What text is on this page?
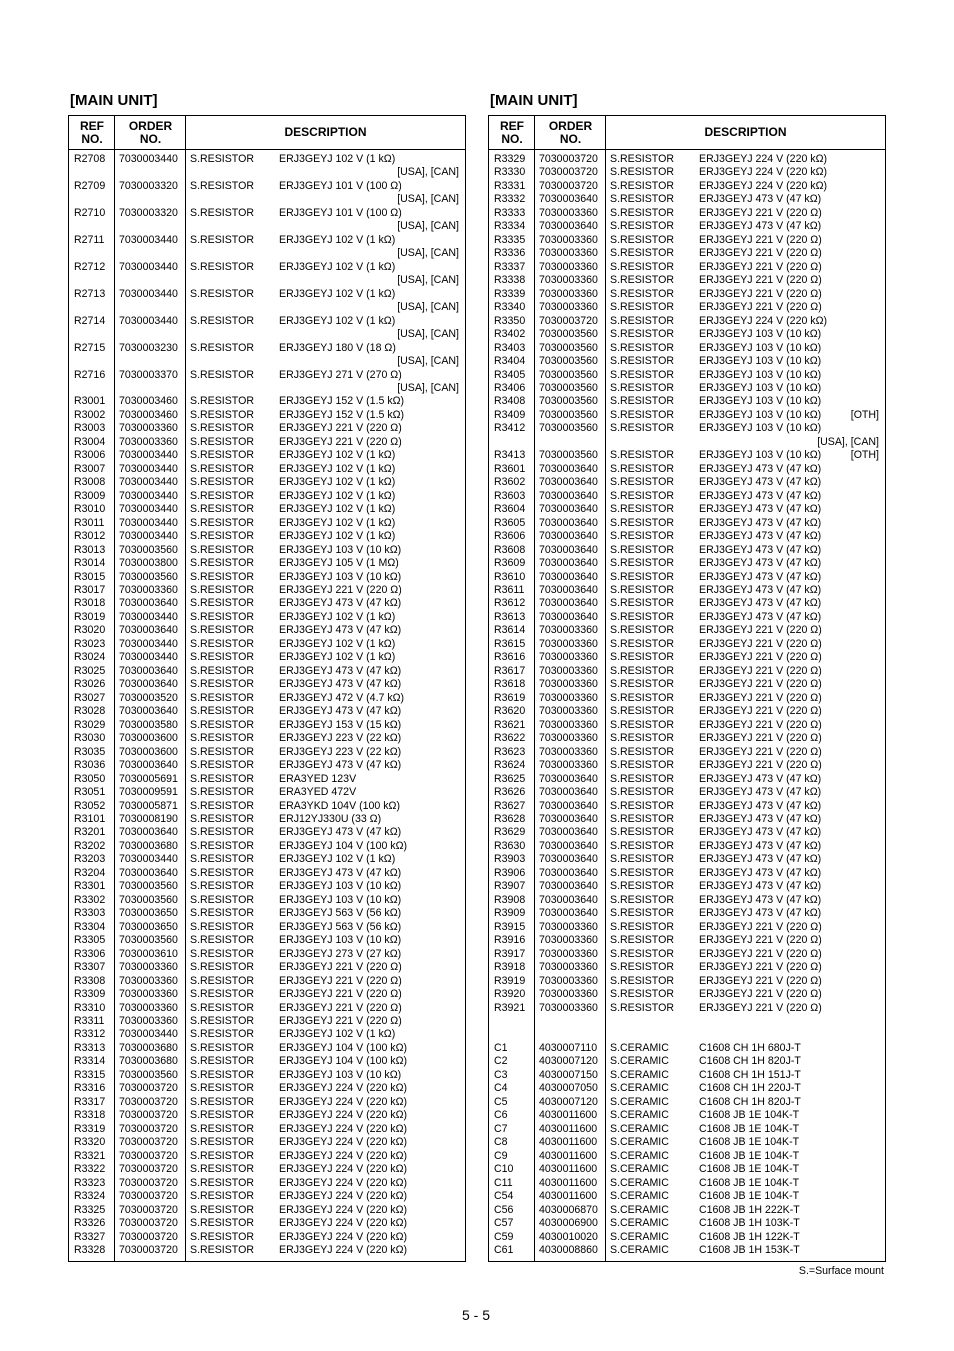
[MAIN UNIT]	[MAIN UNIT]
REF
NO.
ORDER
NO.	DESCRIPTION
R2708 7030003440 S.RESISTOR ERJ3GEYJ 102 V (1 kΩ)
[USA], [CAN]
R2709 7030003320 S.RESISTOR ERJ3GEYJ 101 V (100 Ω)
[USA], [CAN]
R2710 7030003320 S.RESISTOR ERJ3GEYJ 101 V (100 Ω)
[USA], [CAN]
R2711 7030003440 S.RESISTOR ERJ3GEYJ 102 V (1 kΩ)
[USA], [CAN]
R2712 7030003440 S.RESISTOR ERJ3GEYJ 102 V (1 kΩ)
[USA], [CAN]
R2713 7030003440 S.RESISTOR ERJ3GEYJ 102 V (1 kΩ)
[USA], [CAN]
R2714 7030003440 S.RESISTOR ERJ3GEYJ 102 V (1 kΩ)
[USA], [CAN]
R2715 7030003230 S.RESISTOR ERJ3GEYJ 180 V (18 Ω)
[USA], [CAN]
R2716 7030003370 S.RESISTOR ERJ3GEYJ 271 V (270 Ω)
[USA], [CAN]
R3001 7030003460 S.RESISTOR ERJ3GEYJ 152 V (1.5 kΩ)
R3002 7030003460 S.RESISTOR ERJ3GEYJ 152 V (1.5 kΩ)
R3003 7030003360 S.RESISTOR ERJ3GEYJ 221 V (220 Ω)
R3004 7030003360 S.RESISTOR ERJ3GEYJ 221 V (220 Ω)
R3006 7030003440 S.RESISTOR ERJ3GEYJ 102 V (1 kΩ)
R3007 7030003440 S.RESISTOR ERJ3GEYJ 102 V (1 kΩ)
R3008 7030003440 S.RESISTOR ERJ3GEYJ 102 V (1 kΩ)
R3009 7030003440 S.RESISTOR ERJ3GEYJ 102 V (1 kΩ)
R3010 7030003440 S.RESISTOR ERJ3GEYJ 102 V (1 kΩ)
R3011 7030003440 S.RESISTOR ERJ3GEYJ 102 V (1 kΩ)
R3012 7030003440 S.RESISTOR ERJ3GEYJ 102 V (1 kΩ)
R3013 7030003560 S.RESISTOR ERJ3GEYJ 103 V (10 kΩ)
R3014 7030003800 S.RESISTOR ERJ3GEYJ 105 V (1 MΩ)
R3015 7030003560 S.RESISTOR ERJ3GEYJ 103 V (10 kΩ)
R3017 7030003360 S.RESISTOR ERJ3GEYJ 221 V (220 Ω)
R3018 7030003640 S.RESISTOR ERJ3GEYJ 473 V (47 kΩ)
R3019 7030003440 S.RESISTOR ERJ3GEYJ 102 V (1 kΩ)
R3020 7030003640 S.RESISTOR ERJ3GEYJ 473 V (47 kΩ)
R3023 7030003440 S.RESISTOR ERJ3GEYJ 102 V (1 kΩ)
R3024 7030003440 S.RESISTOR ERJ3GEYJ 102 V (1 kΩ)
R3025 7030003640 S.RESISTOR ERJ3GEYJ 473 V (47 kΩ)
R3026 7030003640 S.RESISTOR ERJ3GEYJ 473 V (47 kΩ)
R3027 7030003520 S.RESISTOR ERJ3GEYJ 472 V (4.7 kΩ)
R3028 7030003640 S.RESISTOR ERJ3GEYJ 473 V (47 kΩ)
R3029 7030003580 S.RESISTOR ERJ3GEYJ 153 V (15 kΩ)
R3030 7030003600 S.RESISTOR ERJ3GEYJ 223 V (22 kΩ)
R3035 7030003600 S.RESISTOR ERJ3GEYJ 223 V (22 kΩ)
R3036 7030003640 S.RESISTOR ERJ3GEYJ 473 V (47 kΩ)
R3050 7030005691 S.RESISTOR ERA3YED 123V
R3051 7030009591 S.RESISTOR ERA3YED 472V
R3052 7030005871 S.RESISTOR ERA3YKD 104V (100 kΩ)
R3101 7030008190 S.RESISTOR ERJ12YJ330U (33 Ω)
R3201 7030003640 S.RESISTOR ERJ3GEYJ 473 V (47 kΩ)
R3202 7030003680 S.RESISTOR ERJ3GEYJ 104 V (100 kΩ)
R3203 7030003440 S.RESISTOR ERJ3GEYJ 102 V (1 kΩ)
R3204 7030003640 S.RESISTOR ERJ3GEYJ 473 V (47 kΩ)
R3301 7030003560 S.RESISTOR ERJ3GEYJ 103 V (10 kΩ)
R3302 7030003560 S.RESISTOR ERJ3GEYJ 103 V (10 kΩ)
R3303 7030003650 S.RESISTOR ERJ3GEYJ 563 V (56 kΩ)
R3304 7030003650 S.RESISTOR ERJ3GEYJ 563 V (56 kΩ)
R3305 7030003560 S.RESISTOR ERJ3GEYJ 103 V (10 kΩ)
R3306 7030003610 S.RESISTOR ERJ3GEYJ 273 V (27 kΩ)
R3307 7030003360 S.RESISTOR ERJ3GEYJ 221 V (220 Ω)
R3308 7030003360 S.RESISTOR ERJ3GEYJ 221 V (220 Ω)
R3309 7030003360 S.RESISTOR ERJ3GEYJ 221 V (220 Ω)
R3310 7030003360 S.RESISTOR ERJ3GEYJ 221 V (220 Ω)
R3311 7030003360 S.RESISTOR ERJ3GEYJ 221 V (220 Ω)
R3312 7030003440 S.RESISTOR ERJ3GEYJ 102 V (1 kΩ)
R3313 7030003680 S.RESISTOR ERJ3GEYJ 104 V (100 kΩ)
R3314 7030003680 S.RESISTOR ERJ3GEYJ 104 V (100 kΩ)
R3315 7030003560 S.RESISTOR ERJ3GEYJ 103 V (10 kΩ)
R3316 7030003720 S.RESISTOR ERJ3GEYJ 224 V (220 kΩ)
R3317 7030003720 S.RESISTOR ERJ3GEYJ 224 V (220 kΩ)
R3318 7030003720 S.RESISTOR ERJ3GEYJ 224 V (220 kΩ)
R3319 7030003720 S.RESISTOR ERJ3GEYJ 224 V (220 kΩ)
R3320 7030003720 S.RESISTOR ERJ3GEYJ 224 V (220 kΩ)
R3321 7030003720 S.RESISTOR ERJ3GEYJ 224 V (220 kΩ)
R3322 7030003720 S.RESISTOR ERJ3GEYJ 224 V (220 kΩ)
R3323 7030003720 S.RESISTOR ERJ3GEYJ 224 V (220 kΩ)
R3324 7030003720 S.RESISTOR ERJ3GEYJ 224 V (220 kΩ)
R3325 7030003720 S.RESISTOR ERJ3GEYJ 224 V (220 kΩ)
R3326 7030003720 S.RESISTOR ERJ3GEYJ 224 V (220 kΩ)
R3327 7030003720 S.RESISTOR ERJ3GEYJ 224 V (220 kΩ)
R3328 7030003720 S.RESISTOR ERJ3GEYJ 224 V (220 kΩ)
REF
NO.
ORDER
NO.	DESCRIPTION
R3329 7030003720 S.RESISTOR ERJ3GEYJ 224 V (220 kΩ)
R3330 7030003720 S.RESISTOR ERJ3GEYJ 224 V (220 kΩ)
R3331 7030003720 S.RESISTOR ERJ3GEYJ 224 V (220 kΩ)
R3332 7030003640 S.RESISTOR ERJ3GEYJ 473 V (47 kΩ)
R3333 7030003360 S.RESISTOR ERJ3GEYJ 221 V (220 Ω)
R3334 7030003640 S.RESISTOR ERJ3GEYJ 473 V (47 kΩ)
R3335 7030003360 S.RESISTOR ERJ3GEYJ 221 V (220 Ω)
R3336 7030003360 S.RESISTOR ERJ3GEYJ 221 V (220 Ω)
R3337 7030003360 S.RESISTOR ERJ3GEYJ 221 V (220 Ω)
R3338 7030003360 S.RESISTOR ERJ3GEYJ 221 V (220 Ω)
R3339 7030003360 S.RESISTOR ERJ3GEYJ 221 V (220 Ω)
R3340 7030003360 S.RESISTOR ERJ3GEYJ 221 V (220 Ω)
R3350 7030003720 S.RESISTOR ERJ3GEYJ 224 V (220 kΩ)
R3402 7030003560 S.RESISTOR ERJ3GEYJ 103 V (10 kΩ)
R3403 7030003560 S.RESISTOR ERJ3GEYJ 103 V (10 kΩ)
R3404 7030003560 S.RESISTOR ERJ3GEYJ 103 V (10 kΩ)
R3405 7030003560 S.RESISTOR ERJ3GEYJ 103 V (10 kΩ)
R3406 7030003560 S.RESISTOR ERJ3GEYJ 103 V (10 kΩ)
R3408 7030003560 S.RESISTOR ERJ3GEYJ 103 V (10 kΩ)
R3409 7030003560 S.RESISTOR ERJ3GEYJ 103 V (10 kΩ)	[OTH]
R3412 7030003560 S.RESISTOR ERJ3GEYJ 103 V (10 kΩ)
[USA], [CAN]
R3413 7030003560 S.RESISTOR ERJ3GEYJ 103 V (10 kΩ)	[OTH]
R3601 7030003640 S.RESISTOR ERJ3GEYJ 473 V (47 kΩ)
R3602 7030003640 S.RESISTOR ERJ3GEYJ 473 V (47 kΩ)
R3603 7030003640 S.RESISTOR ERJ3GEYJ 473 V (47 kΩ)
R3604 7030003640 S.RESISTOR ERJ3GEYJ 473 V (47 kΩ)
R3605 7030003640 S.RESISTOR ERJ3GEYJ 473 V (47 kΩ)
R3606 7030003640 S.RESISTOR ERJ3GEYJ 473 V (47 kΩ)
R3608 7030003640 S.RESISTOR ERJ3GEYJ 473 V (47 kΩ)
R3609 7030003640 S.RESISTOR ERJ3GEYJ 473 V (47 kΩ)
R3610 7030003640 S.RESISTOR ERJ3GEYJ 473 V (47 kΩ)
R3611 7030003640 S.RESISTOR ERJ3GEYJ 473 V (47 kΩ)
R3612 7030003640 S.RESISTOR ERJ3GEYJ 473 V (47 kΩ)
R3613 7030003640 S.RESISTOR ERJ3GEYJ 473 V (47 kΩ)
R3614 7030003360 S.RESISTOR ERJ3GEYJ 221 V (220 Ω)
R3615 7030003360 S.RESISTOR ERJ3GEYJ 221 V (220 Ω)
R3616 7030003360 S.RESISTOR ERJ3GEYJ 221 V (220 Ω)
R3617 7030003360 S.RESISTOR ERJ3GEYJ 221 V (220 Ω)
R3618 7030003360 S.RESISTOR ERJ3GEYJ 221 V (220 Ω)
R3619 7030003360 S.RESISTOR ERJ3GEYJ 221 V (220 Ω)
R3620 7030003360 S.RESISTOR ERJ3GEYJ 221 V (220 Ω)
R3621 7030003360 S.RESISTOR ERJ3GEYJ 221 V (220 Ω)
R3622 7030003360 S.RESISTOR ERJ3GEYJ 221 V (220 Ω)
R3623 7030003360 S.RESISTOR ERJ3GEYJ 221 V (220 Ω)
R3624 7030003360 S.RESISTOR ERJ3GEYJ 221 V (220 Ω)
R3625 7030003640 S.RESISTOR ERJ3GEYJ 473 V (47 kΩ)
R3626 7030003640 S.RESISTOR ERJ3GEYJ 473 V (47 kΩ)
R3627 7030003640 S.RESISTOR ERJ3GEYJ 473 V (47 kΩ)
R3628 7030003640 S.RESISTOR ERJ3GEYJ 473 V (47 kΩ)
R3629 7030003640 S.RESISTOR ERJ3GEYJ 473 V (47 kΩ)
R3630 7030003640 S.RESISTOR ERJ3GEYJ 473 V (47 kΩ)
R3903 7030003640 S.RESISTOR ERJ3GEYJ 473 V (47 kΩ)
R3906 7030003640 S.RESISTOR ERJ3GEYJ 473 V (47 kΩ)
R3907 7030003640 S.RESISTOR ERJ3GEYJ 473 V (47 kΩ)
R3908 7030003640 S.RESISTOR ERJ3GEYJ 473 V (47 kΩ)
R3909 7030003640 S.RESISTOR ERJ3GEYJ 473 V (47 kΩ)
R3915 7030003360 S.RESISTOR ERJ3GEYJ 221 V (220 Ω)
R3916 7030003360 S.RESISTOR ERJ3GEYJ 221 V (220 Ω)
R3917 7030003360 S.RESISTOR ERJ3GEYJ 221 V (220 Ω)
R3918 7030003360 S.RESISTOR ERJ3GEYJ 221 V (220 Ω)
R3919 7030003360 S.RESISTOR ERJ3GEYJ 221 V (220 Ω)
R3920 7030003360 S.RESISTOR ERJ3GEYJ 221 V (220 Ω)
R3921 7030003360 S.RESISTOR ERJ3GEYJ 221 V (220 Ω)
C1	4030007110 S.CERAMIC	C1608 CH 1H 680J-T
C2	4030007120 S.CERAMIC	C1608 CH 1H 820J-T
C3	4030007150 S.CERAMIC	C1608 CH 1H 151J-T
C4	4030007050 S.CERAMIC	C1608 CH 1H 220J-T
C5	4030007120 S.CERAMIC	C1608 CH 1H 820J-T
C6	4030011600 S.CERAMIC	C1608 JB 1E 104K-T
C7	4030011600 S.CERAMIC	C1608 JB 1E 104K-T
C8	4030011600 S.CERAMIC	C1608 JB 1E 104K-T
C9	4030011600 S.CERAMIC	C1608 JB 1E 104K-T
C10 4030011600 S.CERAMIC	C1608 JB 1E 104K-T
C11 4030011600 S.CERAMIC	C1608 JB 1E 104K-T
C54 4030011600 S.CERAMIC	C1608 JB 1E 104K-T
C56 4030006870 S.CERAMIC	C1608 JB 1H 222K-T
C57 4030006900 S.CERAMIC	C1608 JB 1H 103K-T
C59 4030010020 S.CERAMIC	C1608 JB 1H 122K-T
C61 4030008860 S.CERAMIC	C1608 JB 1H 153K-T
S.=Surface mount
5 - 5
